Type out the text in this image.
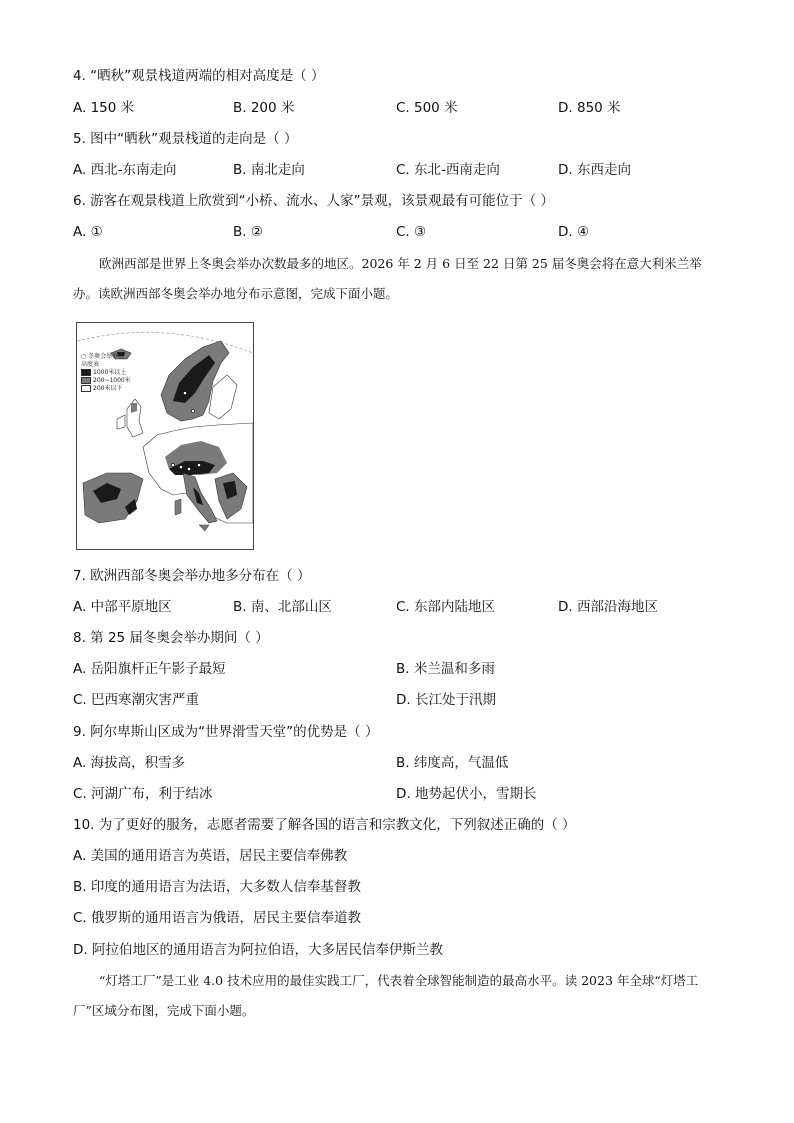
4. “晒秋”观景栈道两端的相对高度是（ ）
A. 150 米	B. 200 米	C. 500 米	D. 850 米
5. 图中“晒秋”观景栈道的走向是（ ）
A. 西北-东南走向	B. 南北走向	C. 东北-西南走向	D. 东西走向
6. 游客在观景栈道上欣赏到“小桥、流水、人家”景观，该景观最有可能位于（ ）
A. ①	B. ②	C. ③	D. ④
欧洲西部是世界上冬奥会举办次数最多的地区。2026 年 2 月 6 日至 22 日第 25 届冬奥会将在意大利米兰举办。读欧洲西部冬奥会举办地分布示意图，完成下面小题。
○ 冬奥会举办地
高度表
1000米以上
200~1000米
200米以下
7. 欧洲西部冬奥会举办地多分布在（ ）
A. 中部平原地区	B. 南、北部山区	C. 东部内陆地区	D. 西部沿海地区
8. 第 25 届冬奥会举办期间（ ）
A. 岳阳旗杆正午影子最短	B. 米兰温和多雨
C. 巴西寒潮灾害严重	D. 长江处于汛期
9. 阿尔卑斯山区成为“世界滑雪天堂”的优势是（ ）
A. 海拔高，积雪多	B. 纬度高，气温低
C. 河湖广布，利于结冰	D. 地势起伏小，雪期长
10. 为了更好的服务，志愿者需要了解各国的语言和宗教文化，下列叙述正确的（ ）
A. 美国的通用语言为英语，居民主要信奉佛教
B. 印度的通用语言为法语，大多数人信奉基督教
C. 俄罗斯的通用语言为俄语，居民主要信奉道教
D. 阿拉伯地区的通用语言为阿拉伯语，大多居民信奉伊斯兰教
“灯塔工厂”是工业 4.0 技术应用的最佳实践工厂，代表着全球智能制造的最高水平。读 2023 年全球“灯塔工厂”区域分布图，完成下面小题。
